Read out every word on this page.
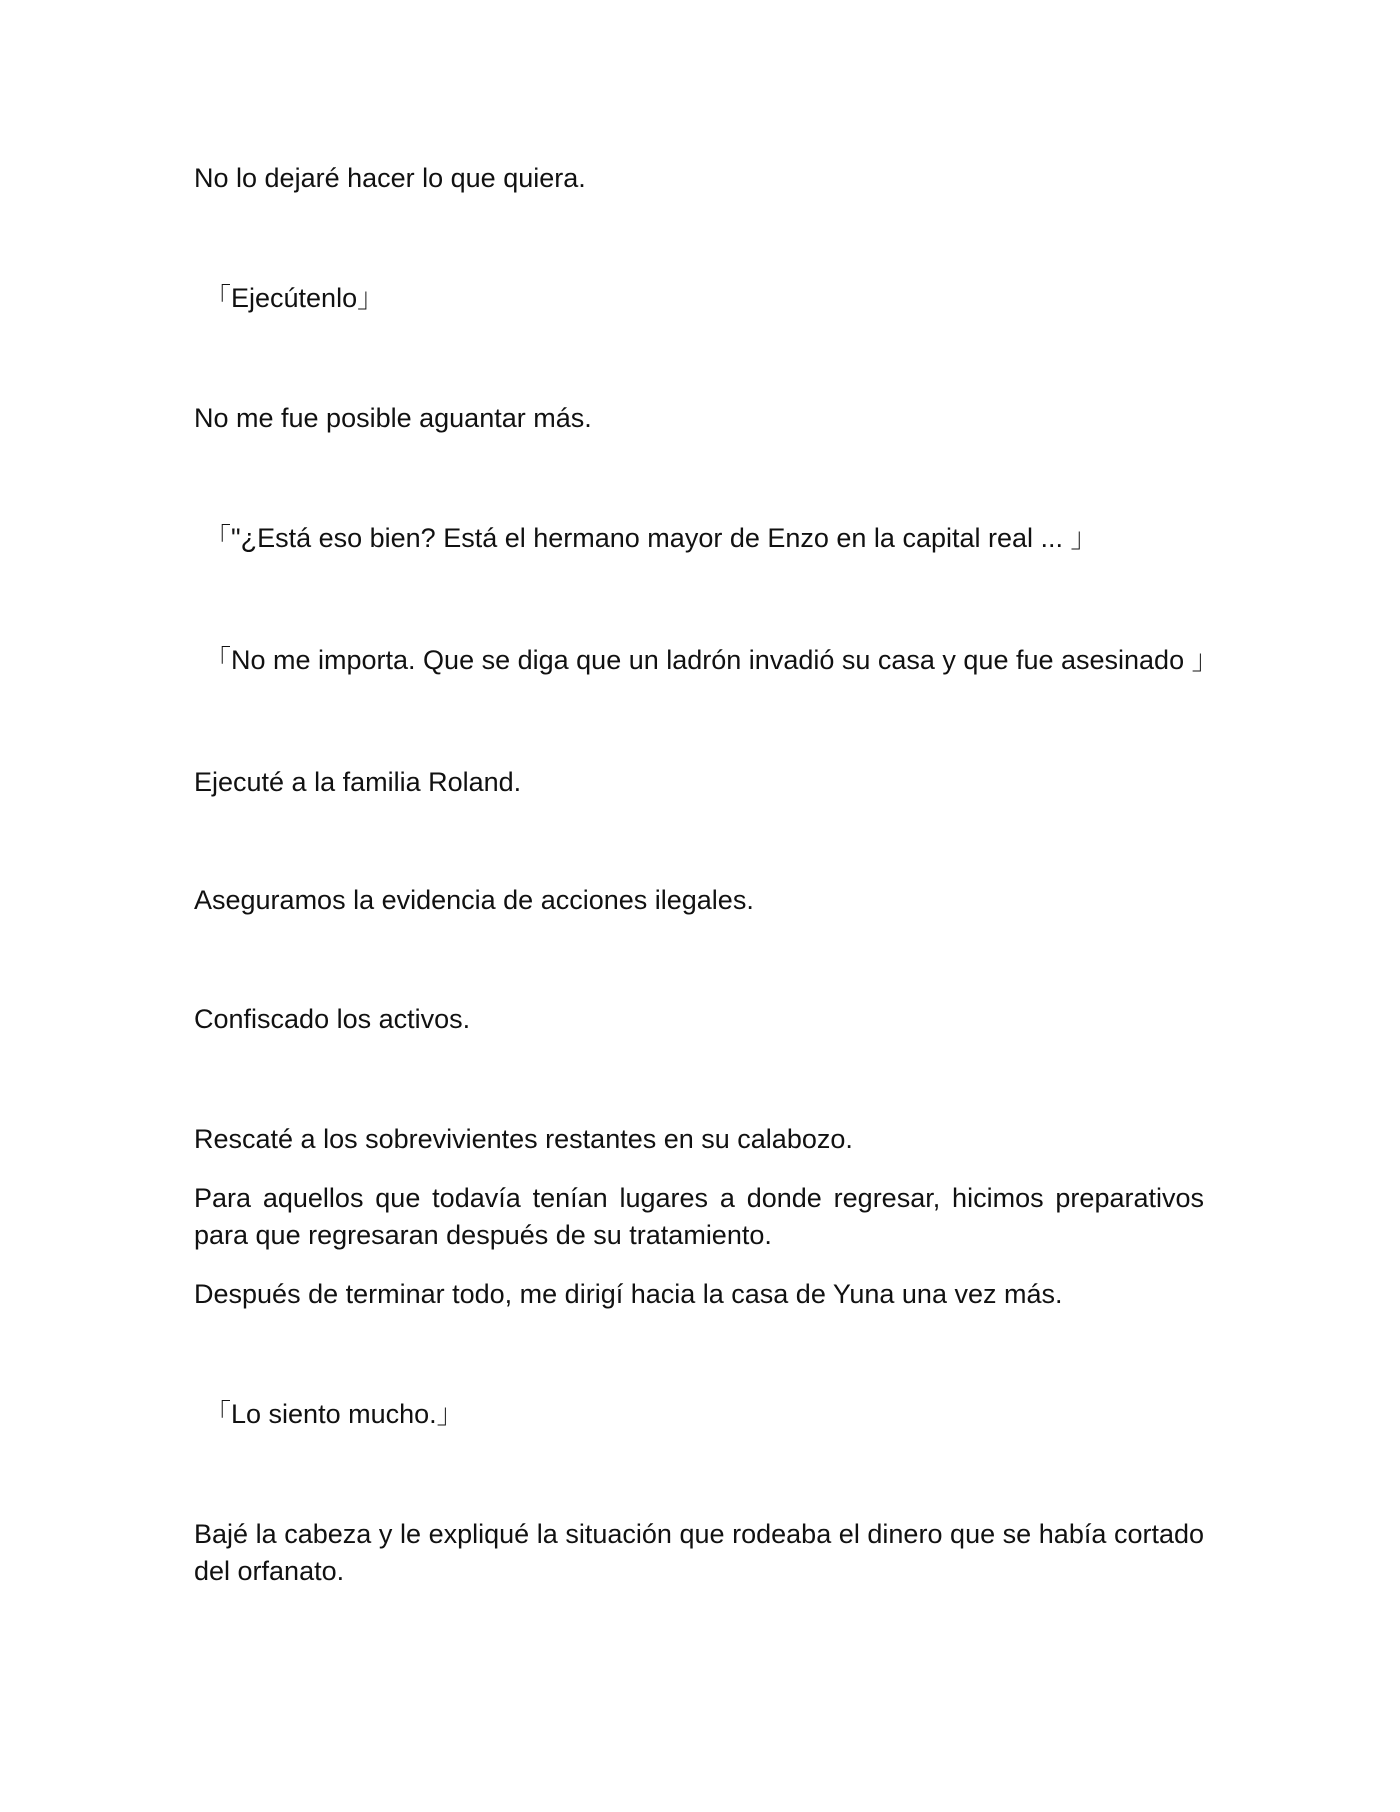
No lo dejaré hacer lo que quiera.

「Ejecútenlo」

No me fue posible aguantar más.

「"¿Está eso bien? Está el hermano mayor de Enzo en la capital real ... 」

「No me importa. Que se diga que un ladrón invadió su casa y que fue asesinado 」

Ejecuté a la familia Roland.

Aseguramos la evidencia de acciones ilegales.

Confiscado los activos.

Rescaté a los sobrevivientes restantes en su calabozo.

Para aquellos que todavía tenían lugares a donde regresar, hicimos preparativos para que regresaran después de su tratamiento.

Después de terminar todo, me dirigí hacia la casa de Yuna una vez más.

「Lo siento mucho.」

Bajé la cabeza y le expliqué la situación que rodeaba el dinero que se había cortado del orfanato.
